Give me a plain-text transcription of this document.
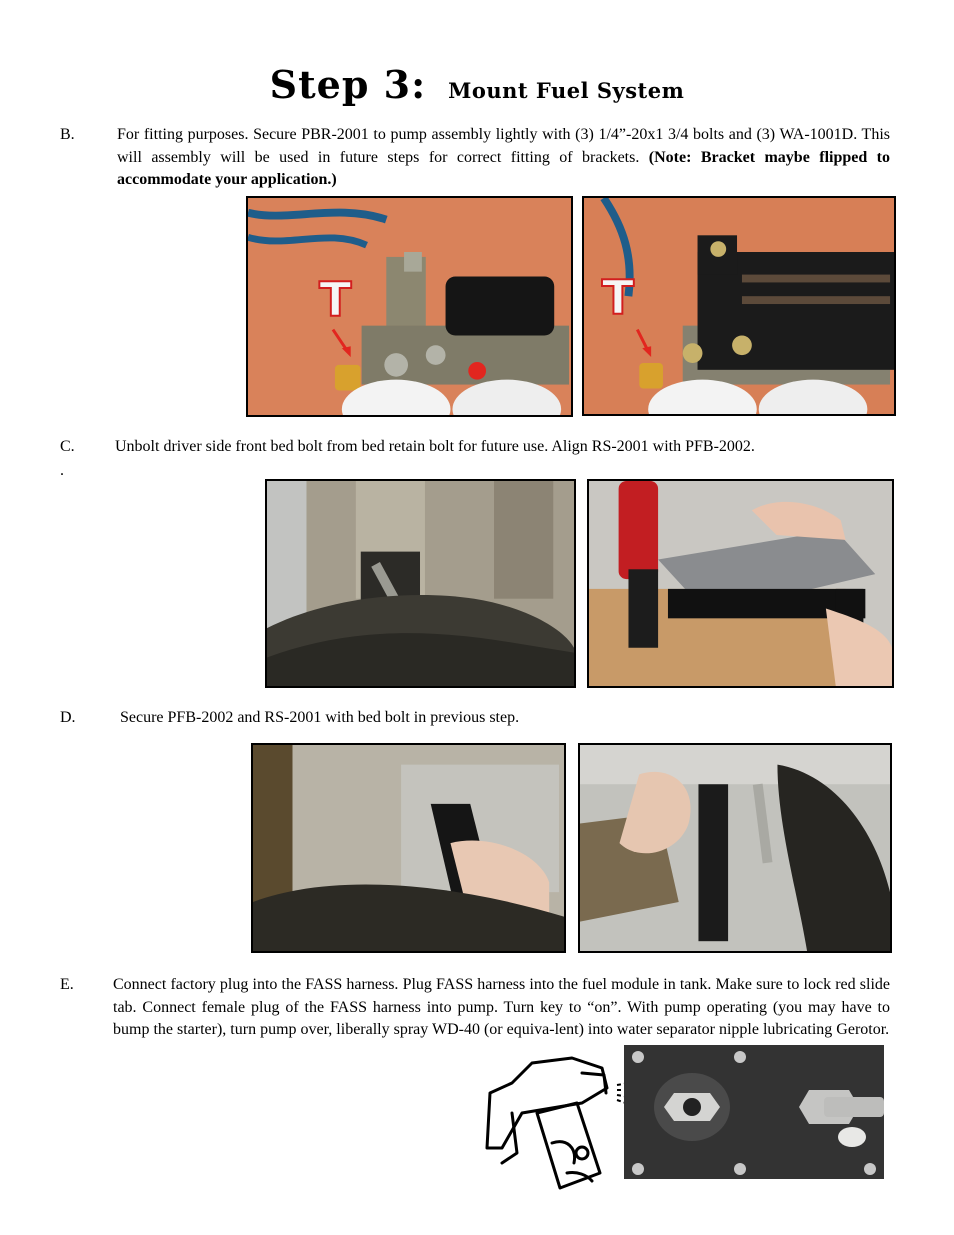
Step 3: Mount Fuel System
B.	For fitting purposes. Secure PBR-2001 to pump assembly lightly with (3) 1/4”-20x1 3/4 bolts and (3) WA-1001D. This will assembly will be used in future steps for correct fitting of brackets. (Note: Bracket maybe flipped to accommodate your application.)
T	T
C.	Unbolt driver side front bed bolt from bed retain bolt for future use. Align RS-2001 with PFB-2002.
.
D.	Secure PFB-2002 and RS-2001 with bed bolt in previous step.
E. Connect factory plug into the FASS harness. Plug FASS harness into the fuel module in tank. Make sure to lock red slide tab. Connect female plug of the FASS harness into pump. Turn key to “on”. With pump operating (you may have to bump the starter), turn pump over, liberally spray WD-40 (or equiva-lent) into water separator nipple lubricating Gerotor.
